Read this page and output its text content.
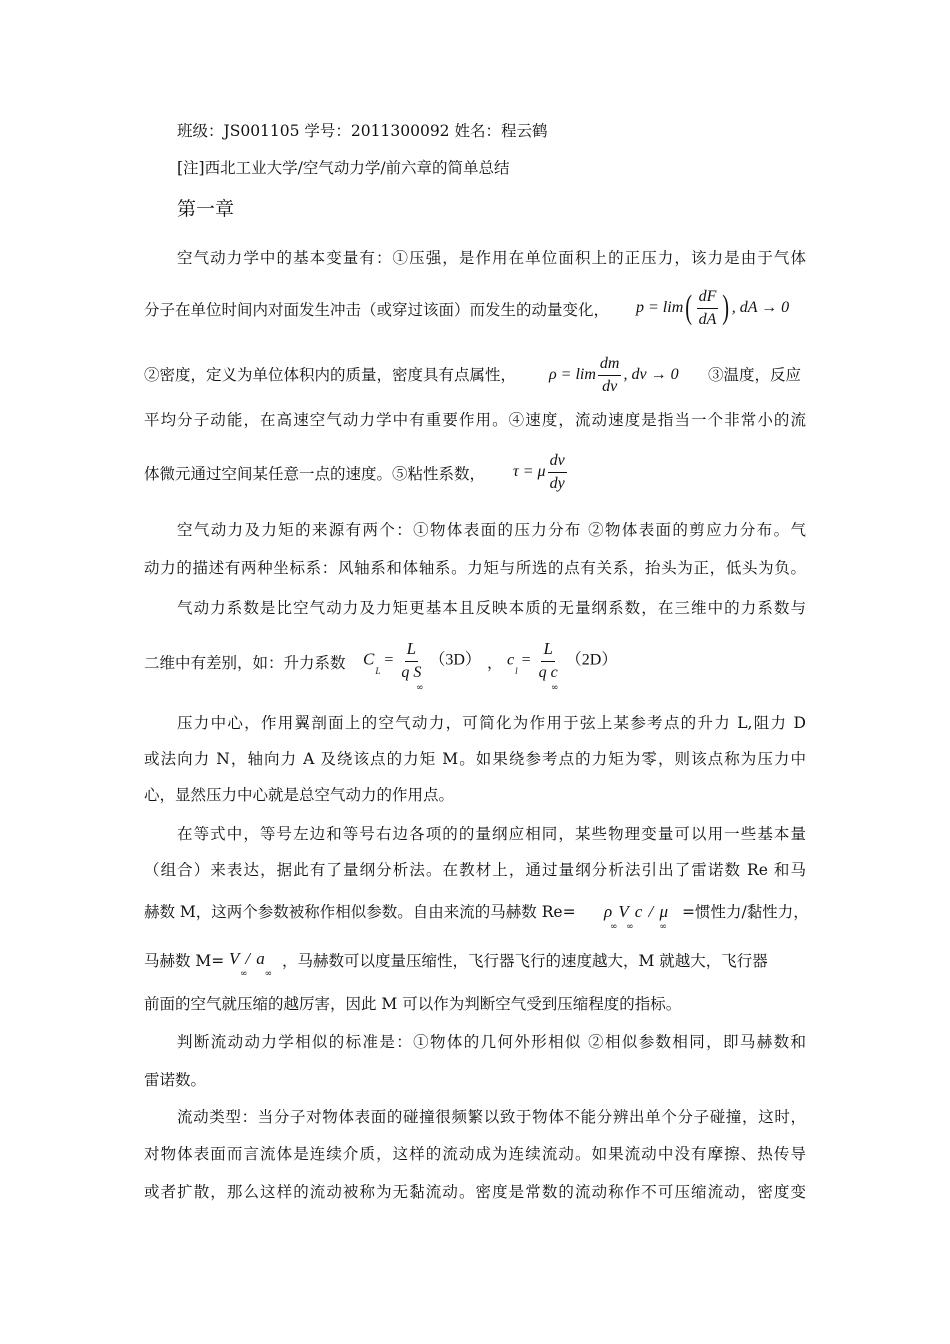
班级：JS001105 学号：2011300092 姓名：程云鹤
[注]西北工业大学/空气动力学/前六章的简单总结
第一章
空气动力学中的基本变量有：①压强，是作用在单位面积上的正压力，该力是由于气体
分子在单位时间内对面发生冲击（或穿过该面）而发生的动量变化， $p = \lim( \frac{dF}{dA}$ ) , dA → 0
②密度，定义为单位体积内的质量，密度具有点属性， $\rho = \lim \frac{dm}{dv}$ , dv → 0 ③温度，反应
平均分子动能，在高速空气动力学中有重要作用。④速度，流动速度是指当一个非常小的流
体微元通过空间某任意一点的速度。⑤粘性系数， τ = μ $\frac{dv}{dy}$
空气动力及力矩的来源有两个：①物体表面的压力分布 ②物体表面的剪应力分布。气
动力的描述有两种坐标系：风轴系和体轴系。力矩与所选的点有关系，抬头为正，低头为负。
气动力系数是比空气动力及力矩更基本且反映本质的无量纲系数，在三维中的力系数与
二维中有差别，如：升力系数 $C_L = \frac{L}{\text{q S}} (3D)$
∞
， $c_l = \frac{L}{\text{q c}} (2D)$
∞
压力中心，作用翼剖面上的空气动力，可简化为作用于弦上某参考点的升力 L,阻力 D
或法向力 N，轴向力 A 及绕该点的力矩 M。如果绕参考点的力矩为零，则该点称为压力中
心，显然压力中心就是总空气动力的作用点。
在等式中，等号左边和等号右边各项的的量纲应相同，某些物理变量可以用一些基本量
（组合）来表达，据此有了量纲分析法。在教材上，通过量纲分析法引出了雷诺数 Re 和马
赫数 M，这两个参数被称作相似参数。自由来流的马赫数 Re= ρ V c / μ
∞   ∞         ∞
=惯性力/黏性力，
马赫数 M= V / a
∞      ∞
，马赫数可以度量压缩性，飞行器飞行的速度越大，M 就越大，飞行器
前面的空气就压缩的越厉害，因此 M 可以作为判断空气受到压缩程度的指标。
判断流动动力学相似的标准是：①物体的几何外形相似 ②相似参数相同，即马赫数和
雷诺数。
流动类型：当分子对物体表面的碰撞很频繁以致于物体不能分辨出单个分子碰撞，这时，
对物体表面而言流体是连续介质，这样的流动成为连续流动。如果流动中没有摩擦、热传导
或者扩散，那么这样的流动被称为无黏流动。密度是常数的流动称作不可压缩流动，密度变
